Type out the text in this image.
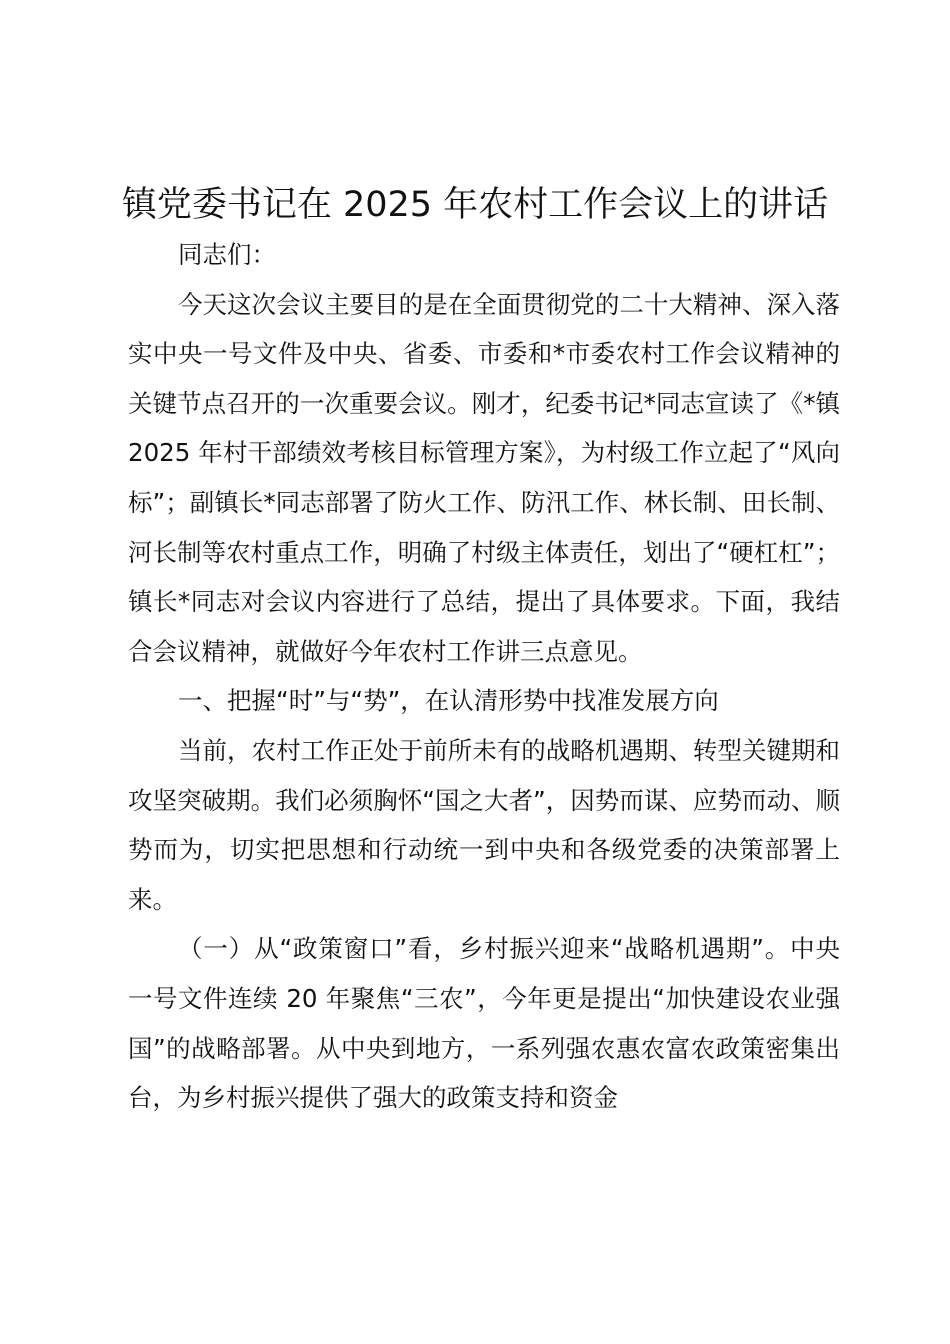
镇党委书记在 2025 年农村工作会议上的讲话

同志们：

今天这次会议主要目的是在全面贯彻党的二十大精神、深入落实中央一号文件及中央、省委、市委和*市委农村工作会议精神的关键节点召开的一次重要会议。刚才，纪委书记*同志宣读了《*镇 2025 年村干部绩效考核目标管理方案》，为村级工作立起了“风向标”；副镇长*同志部署了防火工作、防汛工作、林长制、田长制、河长制等农村重点工作，明确了村级主体责任，划出了“硬杠杠”；镇长*同志对会议内容进行了总结，提出了具体要求。下面，我结合会议精神，就做好今年农村工作讲三点意见。

一、把握“时”与“势”，在认清形势中找准发展方向

当前，农村工作正处于前所未有的战略机遇期、转型关键期和攻坚突破期。我们必须胸怀“国之大者”，因势而谋、应势而动、顺势而为，切实把思想和行动统一到中央和各级党委的决策部署上来。

（一）从“政策窗口”看，乡村振兴迎来“战略机遇期”。中央一号文件连续 20 年聚焦“三农”，今年更是提出“加快建设农业强国”的战略部署。从中央到地方，一系列强农惠农富农政策密集出台，为乡村振兴提供了强大的政策支持和资金
